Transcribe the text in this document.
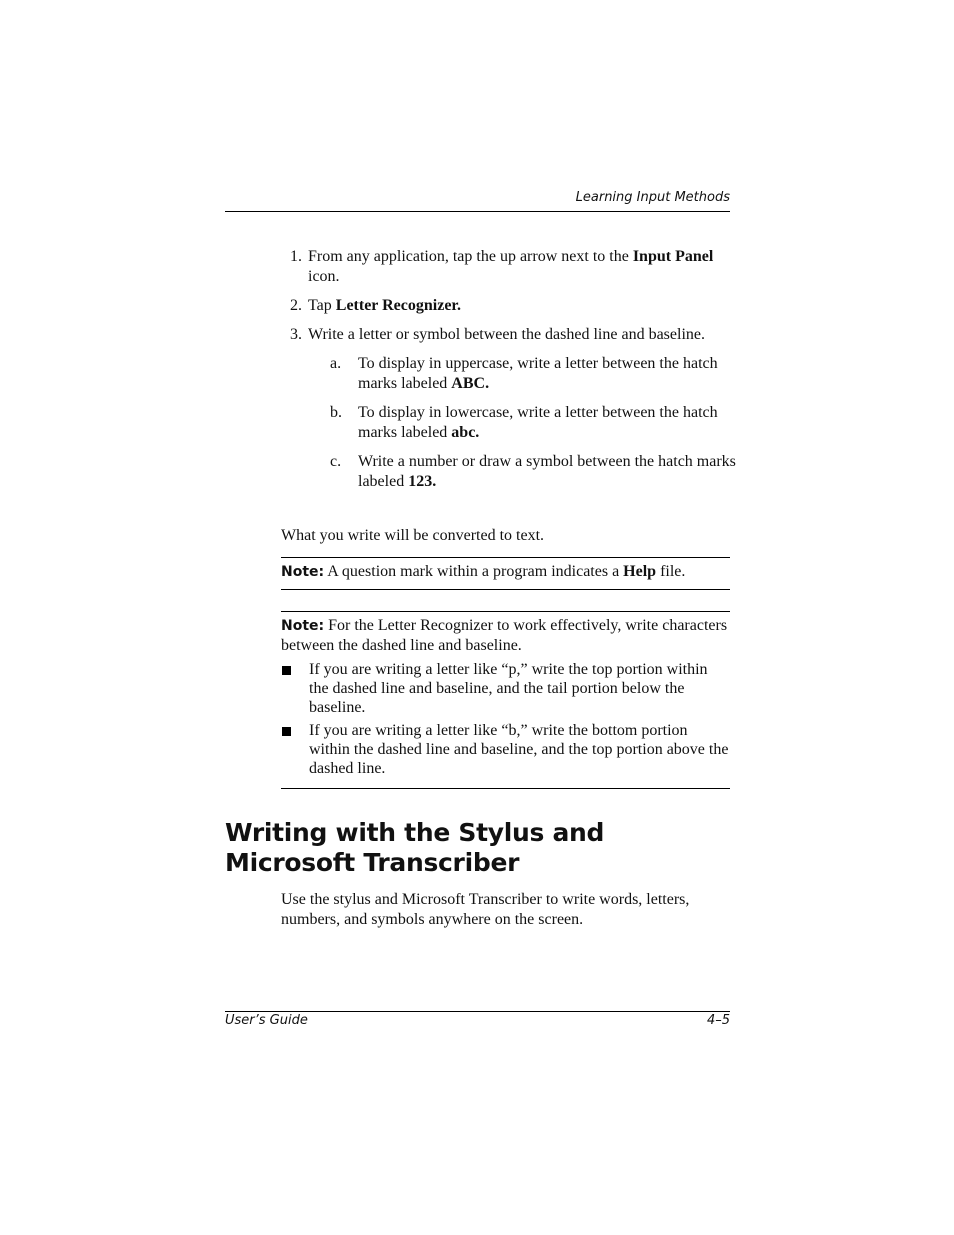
Learning Input Methods
1. From any application, tap the up arrow next to the Input Panel icon.
2. Tap Letter Recognizer.
3. Write a letter or symbol between the dashed line and baseline.
a. To display in uppercase, write a letter between the hatch marks labeled ABC.
b. To display in lowercase, write a letter between the hatch marks labeled abc.
c. Write a number or draw a symbol between the hatch marks labeled 123.
What you write will be converted to text.
Note: A question mark within a program indicates a Help file.
Note: For the Letter Recognizer to work effectively, write characters between the dashed line and baseline.
If you are writing a letter like “p,” write the top portion within the dashed line and baseline, and the tail portion below the baseline.
If you are writing a letter like “b,” write the bottom portion within the dashed line and baseline, and the top portion above the dashed line.
Writing with the Stylus and
Microsoft Transcriber
Use the stylus and Microsoft Transcriber to write words, letters, numbers, and symbols anywhere on the screen.
User’s Guide	4–5
